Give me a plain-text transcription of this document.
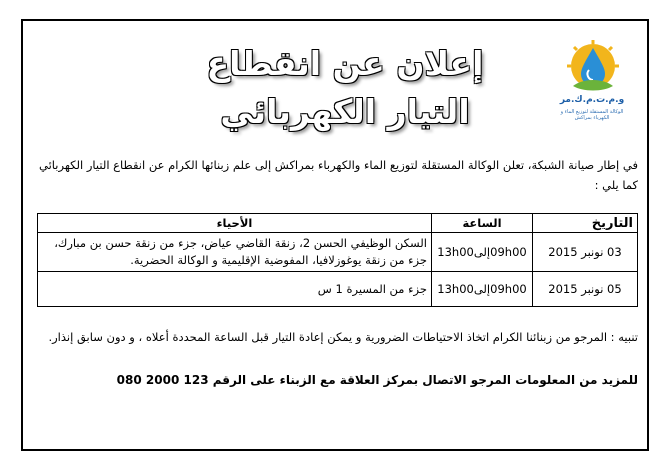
و.م.ت.م.ك.مر
الوكالة المستقلة لتوزيع الماء و الكهرباء بمراكش
إعلان عن انقطاع
التيار الكهربائي
في إطار صيانة الشبكة، تعلن الوكالة المستقلة لتوزيع الماء والكهرباء بمراكش إلى علم زبنائها الكرام عن انقطاع التيار الكهربائي كما يلي :
التاريخ	الساعة	الأحياء
03 نونبر 2015	09h00إلى13h00	السكن الوظيفي الحسن 2، زنقة القاضي عياض، جزء من زنقة حسن بن مبارك، جزء من زنقة يوغوزلافيا، المفوضية الإقليمية و الوكالة الحضرية.
05 نونبر 2015	09h00إلى13h00	جزء من المسيرة 1 س
تنبيه : المرجو من زبنائنا الكرام اتخاذ الاحتياطات الضرورية و يمكن إعادة التيار قبل الساعة المحددة أعلاه ، و دون سابق إنذار.
للمزيد من المعلومات المرجو الاتصال بمركز العلاقة مع الزبناء على الرقم 123 2000 080
